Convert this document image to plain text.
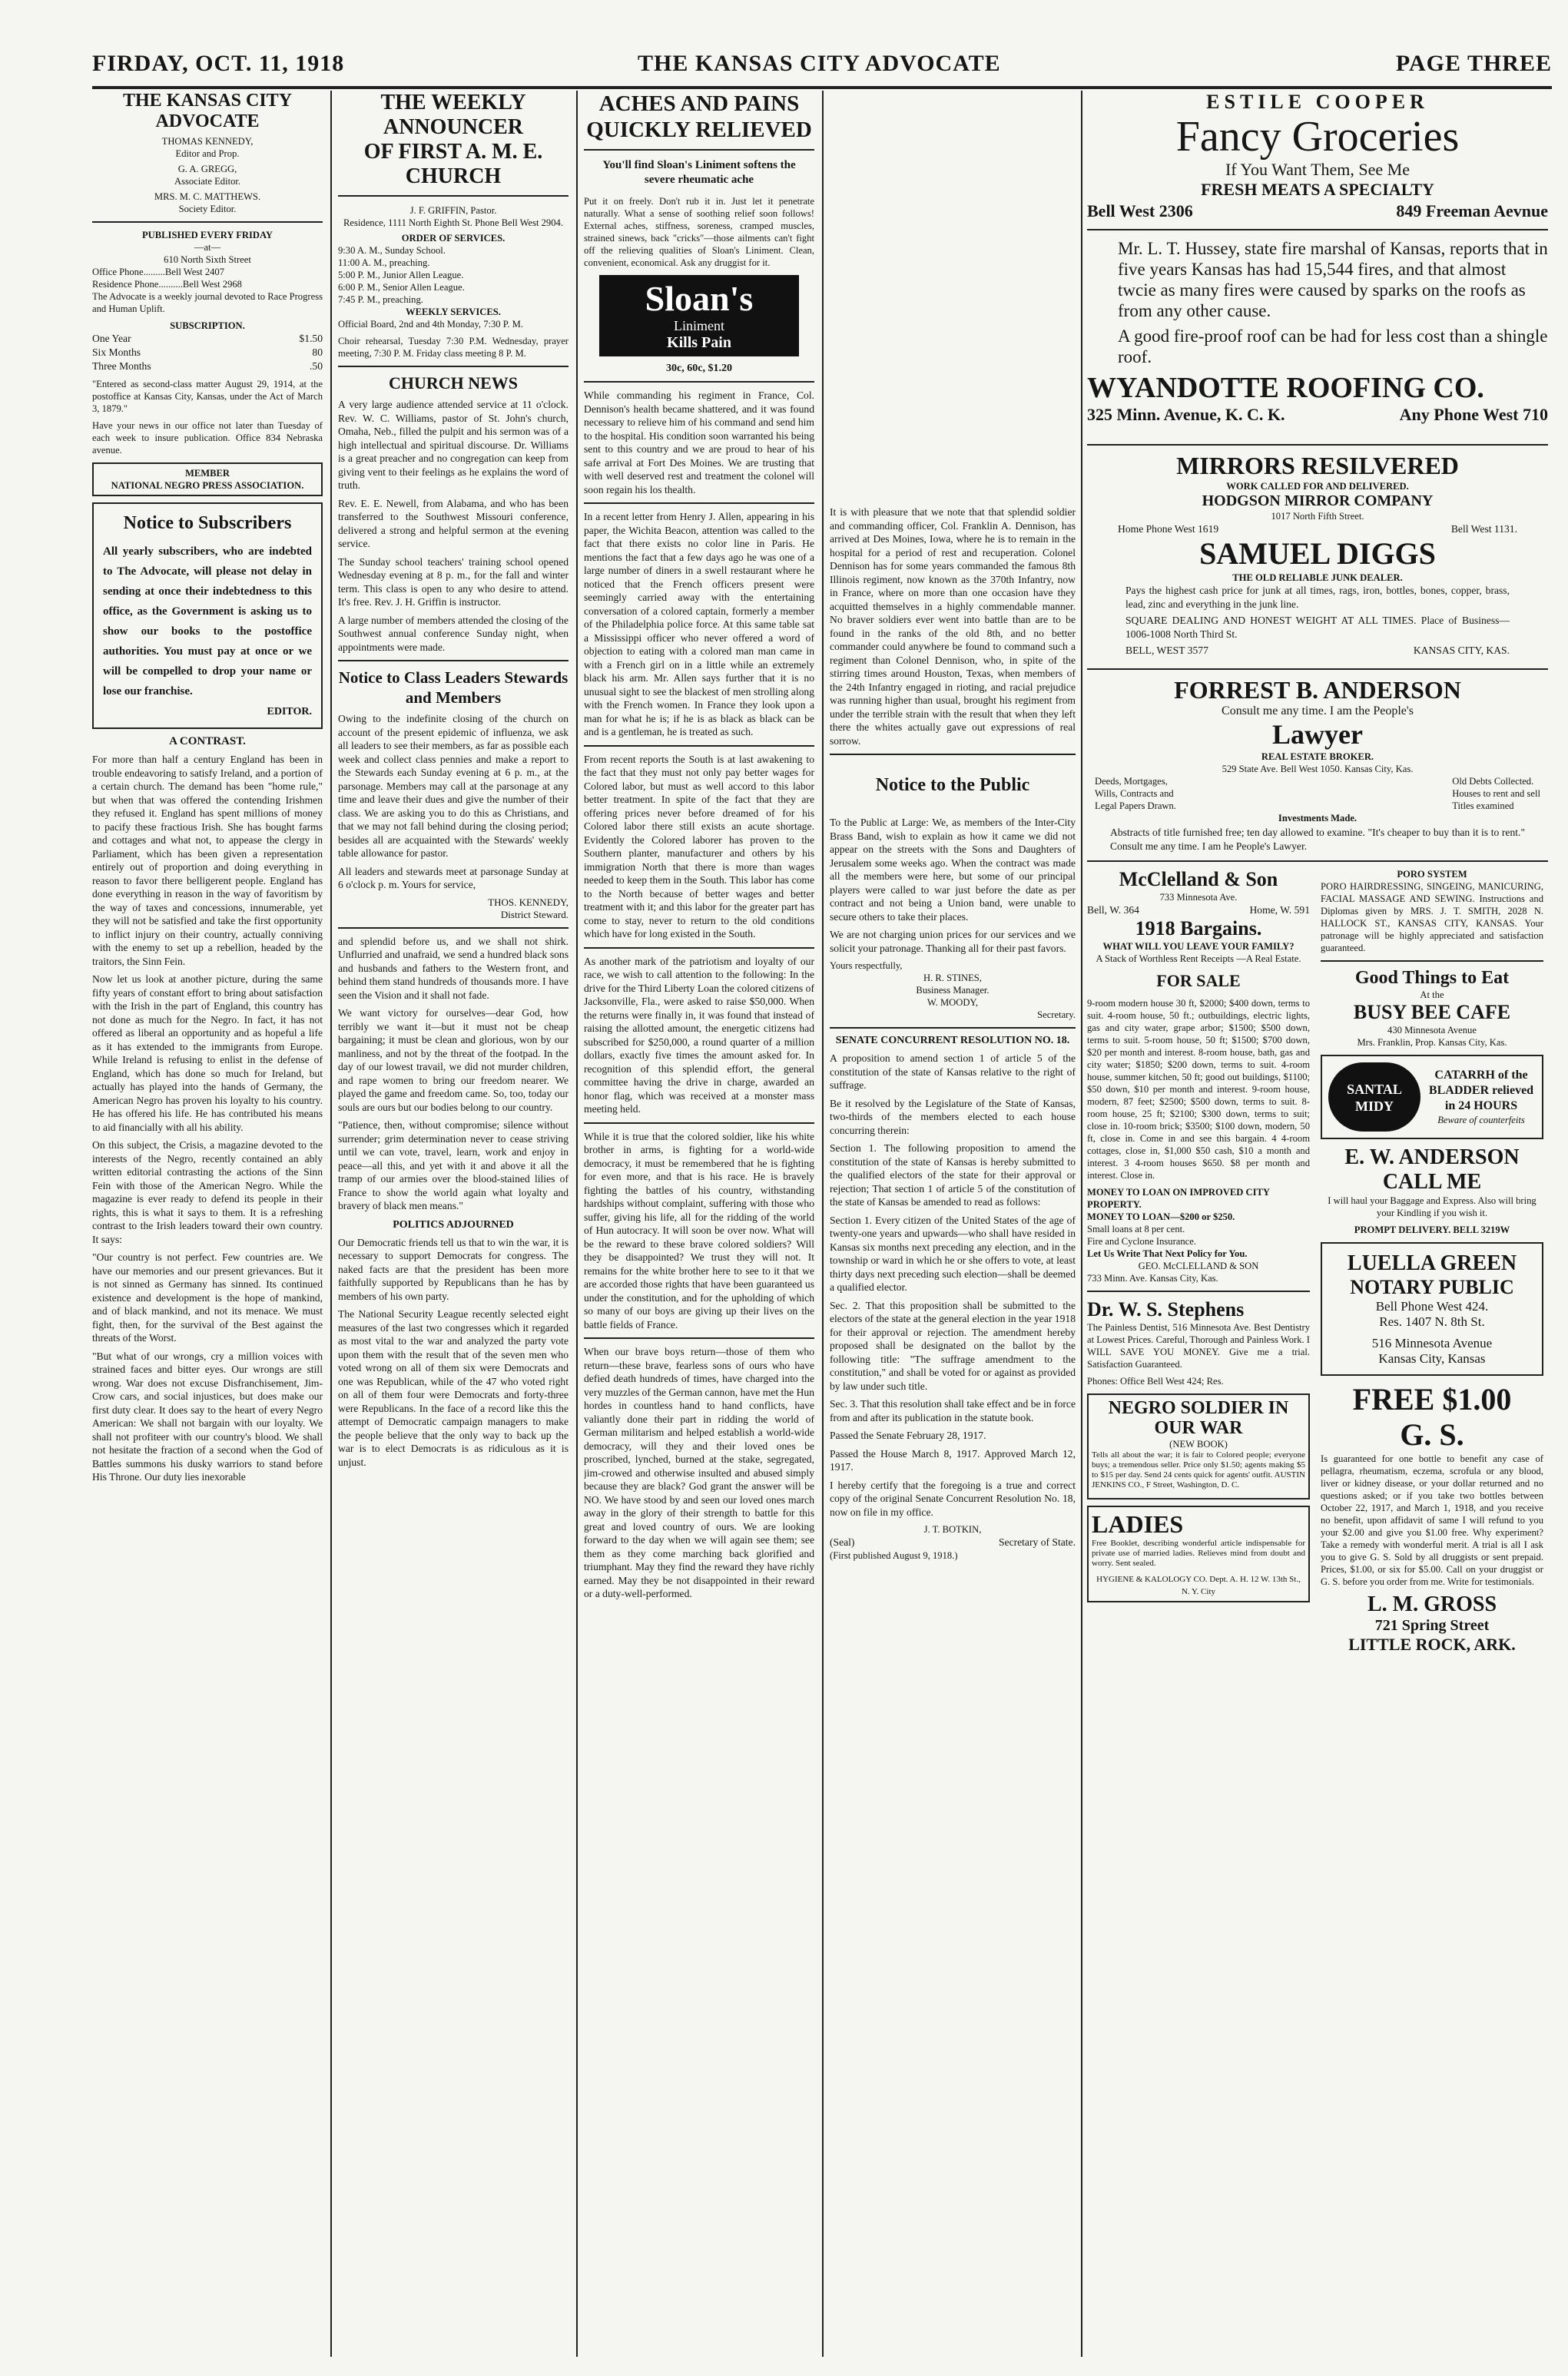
FIRDAY, OCT. 11, 1918	THE KANSAS CITY ADVOCATE	PAGE THREE
THE KANSAS CITY ADVOCATE
THOMAS KENNEDY,
Editor and Prop.
G. A. GREGG,
Associate Editor.
MRS. M. C. MATTHEWS.
Society Editor.
PUBLISHED EVERY FRIDAY
—at—
610 North Sixth Street
Office Phone.........Bell West 2407
Residence Phone..........Bell West 2968

The Advocate is a weekly journal devoted to Race Progress and Human Uplift.

SUBSCRIPTION.
One Year	$1.50
Six Months	80
Three Months	.50

"Entered as second-class matter August 29, 1914, at the postoffice at Kansas City, Kansas, under the Act of March 3, 1879."

Have your news in our office not later than Tuesday of each week to insure publication. Office 834 Nebraska avenue.

MEMBER
NATIONAL NEGRO PRESS ASSOCIATION.
Notice to Subscribers

All yearly subscribers, who are indebted to The Advocate, will please not delay in sending at once their indebtedness to this office, as the Government is asking us to show our books to the postoffice authorities. You must pay at once or we will be compelled to drop your name or lose our franchise.

EDITOR.
A CONTRAST.

For more than half a century England has been in trouble endeavoring to satisfy Ireland, and a portion of a certain church. The demand has been "home rule," but when that was offered the contending Irishmen they refused it. England has spent millions of money to pacify these fractious Irish. She has bought farms and cottages and what not, to appease the clergy in Parliament, which has been given a representation entirely out of proportion and doing everything in reason to favor there belligerent people. England has done everything in reason in the way of favoritism by the way of taxes and concessions, innumerable, yet they will not be satisfied and take the first opportunity to inflict injury on their country, actually conniving with the enemy to set up a rebellion, headed by the traitors, the Sinn Fein.

Now let us look at another picture, during the same fifty years of constant effort to bring about satisfaction with the Irish in the part of England, this country has not done as much for the Negro. In fact, it has not offered as liberal an opportunity and as hopeful a life as it has extended to the immigrants from Europe. While Ireland is refusing to enlist in the defense of England, which has done so much for Ireland, but actually has played into the hands of Germany, the American Negro has proven his loyalty to his country. He has offered his life. He has contributed his means to aid financially with all his ability.

On this subject, the Crisis, a magazine devoted to the interests of the Negro, recently contained an ably written editorial contrasting the actions of the Sinn Fein with those of the American Negro. While the magazine is ever ready to defend its people in their rights, this is what it says to them. It is a refreshing contrast to the Irish leaders toward their own country. It says:

"Our country is not perfect. Few countries are. We have our memories and our present grievances. But it is not sinned as Germany has sinned. Its continued existence and development is the hope of mankind, and of black mankind, and not its menace. We must fight, then, for the survival of the Best against the threats of the Worst.

"But what of our wrongs, cry a million voices with strained faces and bitter eyes. Our wrongs are still wrong. War does not excuse Disfranchisement, Jim-Crow cars, and social injustices, but does make our first duty clear. It does say to the heart of every Negro American: We shall not bargain with our loyalty. We shall not profiteer with our country's blood. We shall not hesitate the fraction of a second when the God of Battles summons his dusky warriors to stand before His Throne. Our duty lies inexorable

THE WEEKLY ANNOUNCER
OF FIRST A. M. E. CHURCH
J. F. GRIFFIN, Pastor.
Residence, 1111 North Eighth St. Phone Bell West 2904.
ORDER OF SERVICES.
9:30 A. M., Sunday School.
11:00 A. M., preaching.
5:00 P. M., Junior Allen League.
6:00 P. M., Senior Allen League.
7:45 P. M., preaching.
WEEKLY SERVICES.

Official Board, 2nd and 4th Monday, 7:30 P. M.

Choir rehearsal, Tuesday 7:30 P.M. Wednesday, prayer meeting, 7:30 P. M. Friday class meeting 8 P. M.

CHURCH NEWS

A very large audience attended service at 11 o'clock. Rev. W. C. Williams, pastor of St. John's church, Omaha, Neb., filled the pulpit and his sermon was of a high intellectual and spiritual discourse. Dr. Williams is a great preacher and no congregation can keep from giving vent to their feelings as he explains the word of truth.

Rev. E. E. Newell, from Alabama, and who has been transferred to the Southwest Missouri conference, delivered a strong and helpful sermon at the evening service.

The Sunday school teachers' training school opened Wednesday evening at 8 p. m., for the fall and winter term. This class is open to any who desire to attend. It's free. Rev. J. H. Griffin is instructor.

A large number of members attended the closing of the Southwest annual conference Sunday night, when appointments were made.

Notice to Class Leaders Stewards and Members

Owing to the indefinite closing of the church on account of the present epidemic of influenza, we ask all leaders to see their members, as far as possible each week and collect class pennies and make a report to the Stewards each Sunday evening at 6 p. m., at the parsonage. Members may call at the parsonage at any time and leave their dues and give the number of their class. We are asking you to do this as Christians, and that we may not fall behind during the closing period; besides all are acquainted with the Stewards' weekly table allowance for pastor.

All leaders and stewards meet at parsonage Sunday at 6 o'clock p. m. Yours for service,

THOS. KENNEDY,
District Steward.

and splendid before us, and we shall not shirk. Unflurried and unafraid, we send a hundred black sons and husbands and fathers to the Western front, and behind them stand hundreds of thousands more. I have seen the Vision and it shall not fade.

We want victory for ourselves—dear God, how terribly we want it—but it must not be cheap bargaining; it must be clean and glorious, won by our manliness, and not by the threat of the footpad. In the day of our lowest travail, we did not murder children, and rape women to bring our freedom nearer. We played the game and freedom came. So, too, today our souls are ours but our bodies belong to our country.

"Patience, then, without compromise; silence without surrender; grim determination never to cease striving until we can vote, travel, learn, work and enjoy in peace—all this, and yet with it and above it all the tramp of our armies over the blood-stained lilies of France to show the world again what loyalty and bravery of black men means."

POLITICS ADJOURNED

Our Democratic friends tell us that to win the war, it is necessary to support Democrats for congress. The naked facts are that the president has been more faithfully supported by Republicans than he has by members of his own party.

The National Security League recently selected eight measures of the last two congresses which it regarded as most vital to the war and analyzed the party vote upon them with the result that of the seven men who voted wrong on all of them six were Democrats and one was Republican, while of the 47 who voted right on all of them four were Democrats and forty-three were Republicans. In the face of a record like this the attempt of Democratic campaign managers to make the people believe that the only way to back up the war is to elect Democrats is as ridiculous as it is unjust.

ACHES AND PAINS QUICKLY RELIEVED
You'll find Sloan's Liniment softens the severe rheumatic ache

Put it on freely. Don't rub it in. Just let it penetrate naturally. What a sense of soothing relief soon follows! External aches, stiffness, soreness, cramped muscles, strained sinews, back "cricks"—those ailments can't fight off the relieving qualities of Sloan's Liniment. Clean, convenient, economical. Ask any druggist for it.

Sloan's
Liniment
Kills Pain
30c, 60c, $1.20

While commanding his regiment in France, Col. Dennison's health became shattered, and it was found necessary to relieve him of his command and send him to the hospital. His condition soon warranted his being sent to this country and we are proud to hear of his safe arrival at Fort Des Moines. We are trusting that with well deserved rest and treatment the colonel will soon regain his los thealth.

In a recent letter from Henry J. Allen, appearing in his paper, the Wichita Beacon, attention was called to the fact that there exists no color line in Paris. He mentions the fact that a few days ago he was one of a large number of diners in a swell restaurant where he noticed that the French officers present were seemingly carried away with the entertaining conversation of a colored captain, formerly a member of the Philadelphia police force. At this same table sat a Mississippi officer who never offered a word of objection to eating with a colored man man came in with a French girl on in a little while an extremely black his arm. Mr. Allen says further that it is no unusual sight to see the blackest of men strolling along with the French women. In France they look upon a man for what he is; if he is as black as black can be and is a gentleman, he is treated as such.

From recent reports the South is at last awakening to the fact that they must not only pay better wages for Colored labor, but must as well accord to this labor better treatment. In spite of the fact that they are offering prices never before dreamed of for his Colored labor there still exists an acute shortage. Evidently the Colored laborer has proven to the Southern planter, manufacturer and others by his immigration North that there is more than wages needed to keep them in the South. This labor has come to the North because of better wages and better treatment with it; and this labor for the greater part has come to stay, never to return to the old conditions which have for long existed in the South.

As another mark of the patriotism and loyalty of our race, we wish to call attention to the following: In the drive for the Third Liberty Loan the colored citizens of Jacksonville, Fla., were asked to raise $50,000. When the returns were finally in, it was found that instead of raising the allotted amount, the energetic citizens had subscribed for $250,000, a round quarter of a million dollars, exactly five times the amount asked for. In recognition of this splendid effort, the general committee having the drive in charge, awarded an honor flag, which was received at a monster mass meeting held.

While it is true that the colored soldier, like his white brother in arms, is fighting for a world-wide democracy, it must be remembered that he is fighting for even more, and that is his race. He is bravely fighting the battles of his country, withstanding hardships without complaint, suffering with those who suffer, giving his life, all for the ridding of the world of Hun autocracy. It will soon be over now. What will be the reward to these brave colored soldiers? Will they be disappointed? We trust they will not. It remains for the white brother here to see to it that we are accorded those rights that have been guaranteed us under the constitution, and for the upholding of which so many of our boys are giving up their lives on the battle fields of France.

When our brave boys return—those of them who return—these brave, fearless sons of ours who have defied death hundreds of times, have charged into the very muzzles of the German cannon, have met the Hun hordes in countless hand to hand conflicts, have valiantly done their part in ridding the world of German militarism and helped establish a world-wide democracy, will they and their loved ones be proscribed, lynched, burned at the stake, segregated, jim-crowed and otherwise insulted and abused simply because they are black? God grant the answer will be NO. We have stood by and seen our loved ones march away in the glory of their strength to battle for this great and loved country of ours. We are looking forward to the day when we will again see them; see them as they come marching back glorified and triumphant. May they find the reward they have richly earned. May they be not disappointed in their reward or a duty-well-performed.

It is with pleasure that we note that that splendid soldier and commanding officer, Col. Franklin A. Dennison, has arrived at Des Moines, Iowa, where he is to remain in the hospital for a period of rest and recuperation. Colonel Dennison has for some years commanded the famous 8th Illinois regiment, now known as the 370th Infantry, now in France, where on more than one occasion have they acquitted themselves in a highly commendable manner. No braver soldiers ever went into battle than are to be found in the ranks of the old 8th, and no better commander could anywhere be found to command such a regiment than Colonel Dennison, who, in spite of the stirring times around Houston, Texas, when members of the 24th Infantry engaged in rioting, and racial prejudice was running higher than usual, brought his regiment from under the terrible strain with the result that when they left there the whites actually gave out expressions of real sorrow.

Notice to the Public

To the Public at Large: We, as members of the Inter-City Brass Band, wish to explain as how it came we did not appear on the streets with the Sons and Daughters of Jerusalem some weeks ago. When the contract was made all the members were here, but some of our principal players were called to war just before the date as per contract and not being a Union band, were unable to secure others to take their places.

We are not charging union prices for our services and we solicit your patronage. Thanking all for their past favors.

Yours respectfully,
H. R. STINES,
Business Manager.
W. MOODY,
Secretary.
SENATE CONCURRENT RESOLUTION NO. 18.

A proposition to amend section 1 of article 5 of the constitution of the state of Kansas relative to the right of suffrage.

Be it resolved by the Legislature of the State of Kansas, two-thirds of the members elected to each house concurring therein:

Section 1. The following proposition to amend the constitution of the state of Kansas is hereby submitted to the qualified electors of the state for their approval or rejection; That section 1 of article 5 of the constitution of the state of Kansas be amended to read as follows:

Section 1. Every citizen of the United States of the age of twenty-one years and upwards—who shall have resided in Kansas six months next preceding any election, and in the township or ward in which he or she offers to vote, at least thirty days next preceding such election—shall be deemed a qualified elector.

Sec. 2. That this proposition shall be submitted to the electors of the state at the general election in the year 1918 for their approval or rejection. The amendment hereby proposed shall be designated on the ballot by the following title: "The suffrage amendment to the constitution," and shall be voted for or against as provided by law under such title.

Sec. 3. That this resolution shall take effect and be in force from and after its publication in the statute book.

Passed the Senate February 28, 1917.

Passed the House March 8, 1917. Approved March 12, 1917.

I hereby certify that the foregoing is a true and correct copy of the original Senate Concurrent Resolution No. 18, now on file in my office.

J. T. BOTKIN,
(Seal)	Secretary of State.
(First published August 9, 1918.)
ESTILE COOPER
Fancy Groceries
If You Want Them, See Me
FRESH MEATS A SPECIALTY
Bell West 2306	849 Freeman Aevnue
Mr. L. T. Hussey, state fire marshal of Kansas, reports that in five years Kansas has had 15,544 fires, and that almost twcie as many fires were caused by sparks on the roofs as from any other cause.
A good fire-proof roof can be had for less cost than a shingle roof.
WYANDOTTE ROOFING CO.
325 Minn. Avenue, K. C. K.	Any Phone West 710
MIRRORS RESILVERED
WORK CALLED FOR AND DELIVERED.
HODGSON MIRROR COMPANY
1017 North Fifth Street.
Home Phone West 1619	Bell West 1131.
SAMUEL DIGGS
THE OLD RELIABLE JUNK DEALER.

Pays the highest cash price for junk at all times, rags, iron, bottles, bones, copper, brass, lead, zinc and everything in the junk line.

SQUARE DEALING AND HONEST WEIGHT AT ALL TIMES. Place of Business—1006-1008 North Third St.

BELL, WEST 3577	KANSAS CITY, KAS.
FORREST B. ANDERSON
Consult me any time. I am the People's
Lawyer
REAL ESTATE BROKER.
529 State Ave. Bell West 1050. Kansas City, Kas.
Deeds, Mortgages,
Wills, Contracts and
Legal Papers Drawn.
Old Debts Collected.
Houses to rent and sell
Titles examined
Investments Made.

Abstracts of title furnished free; ten day allowed to examine. "It's cheaper to buy than it is to rent." Consult me any time. I am he People's Lawyer.

McClelland & Son
733 Minnesota Ave.
Bell, W. 364	Home, W. 591
1918 Bargains.
WHAT WILL YOU LEAVE YOUR FAMILY?
A Stack of Worthless Rent Receipts —A Real Estate.
FOR SALE

9-room modern house 30 ft, $2000; $400 down, terms to suit. 4-room house, 50 ft.; outbuildings, electric lights, gas and city water, grape arbor; $1500; $500 down, terms to suit. 5-room house, 50 ft; $1500; $700 down, $20 per month and interest. 8-room house, bath, gas and city water; $1850; $200 down, terms to suit. 4-room house, summer kitchen, 50 ft; good out buildings, $1100; $50 down, $10 per month and interest. 9-room house, modern, 87 feet; $2500; $500 down, terms to suit. 8-room house, 25 ft; $2100; $300 down, terms to suit; close in. 10-room brick; $3500; $100 down, modern, 50 ft, close in. Come in and see this bargain. 4 4-room cottages, close in, $1,000 $50 cash, $10 a month and interest. 3 4-room houses $650. $8 per month and interest. Close in.

MONEY TO LOAN ON IMPROVED CITY PROPERTY.
MONEY TO LOAN—$200 or $250.
Small loans at 8 per cent.
Fire and Cyclone Insurance.
Let Us Write That Next Policy for You.
GEO. McCLELLAND & SON
733 Minn. Ave. Kansas City, Kas.
Dr. W. S. Stephens

The Painless Dentist, 516 Minnesota Ave. Best Dentistry at Lowest Prices. Careful, Thorough and Painless Work. I WILL SAVE YOU MONEY. Give me a trial. Satisfaction Guaranteed.

Phones: Office Bell West 424; Res.
NEGRO SOLDIER IN OUR WAR
(NEW BOOK)

Tells all about the war; it is fair to Colored people; everyone buys; a tremendous seller. Price only $1.50; agents making $5 to $15 per day. Send 24 cents quick for agents' outfit. AUSTIN JENKINS CO., F Street, Washington, D. C.

LADIES

Free Booklet, describing wonderful article indispensable for private use of married ladies. Relieves mind from doubt and worry. Sent sealed.

HYGIENE & KALOLOGY CO. Dept. A. H. 12 W. 13th St., N. Y. City
PORO SYSTEM

PORO HAIRDRESSING, SINGEING, MANICURING, FACIAL MASSAGE AND SEWING. Instructions and Diplomas given by MRS. J. T. SMITH, 2028 N. HALLOCK ST., KANSAS CITY, KANSAS. Your patronage will be highly appreciated and satisfaction guaranteed.

Good Things to Eat
At the
BUSY BEE CAFE
430 Minnesota Avenue
Mrs. Franklin, Prop. Kansas City, Kas.
SANTAL MIDY
CATARRH of the BLADDER relieved in 24 HOURS
Beware of counterfeits
E. W. ANDERSON
CALL ME

I will haul your Baggage and Express. Also will bring your Kindling if you wish it.

PROMPT DELIVERY. BELL 3219W
LUELLA GREEN
NOTARY PUBLIC
Bell Phone West 424.
Res. 1407 N. 8th St.
516 Minnesota Avenue
Kansas City, Kansas
FREE $1.00
G. S.

Is guaranteed for one bottle to benefit any case of pellagra, rheumatism, eczema, scrofula or any blood, liver or kidney disease, or your dollar returned and no questions asked; or if you take two bottles between October 22, 1917, and March 1, 1918, and you receive no benefit, upon affidavit of same I will refund to you your $2.00 and give you $1.00 free. Why experiment? Take a remedy with wonderful merit. A trial is all I ask you to give G. S. Sold by all druggists or sent prepaid. Prices, $1.00, or six for $5.00. Call on your druggist or G. S. before you order from me. Write for testimonials.

L. M. GROSS
721 Spring Street
LITTLE ROCK, ARK.
